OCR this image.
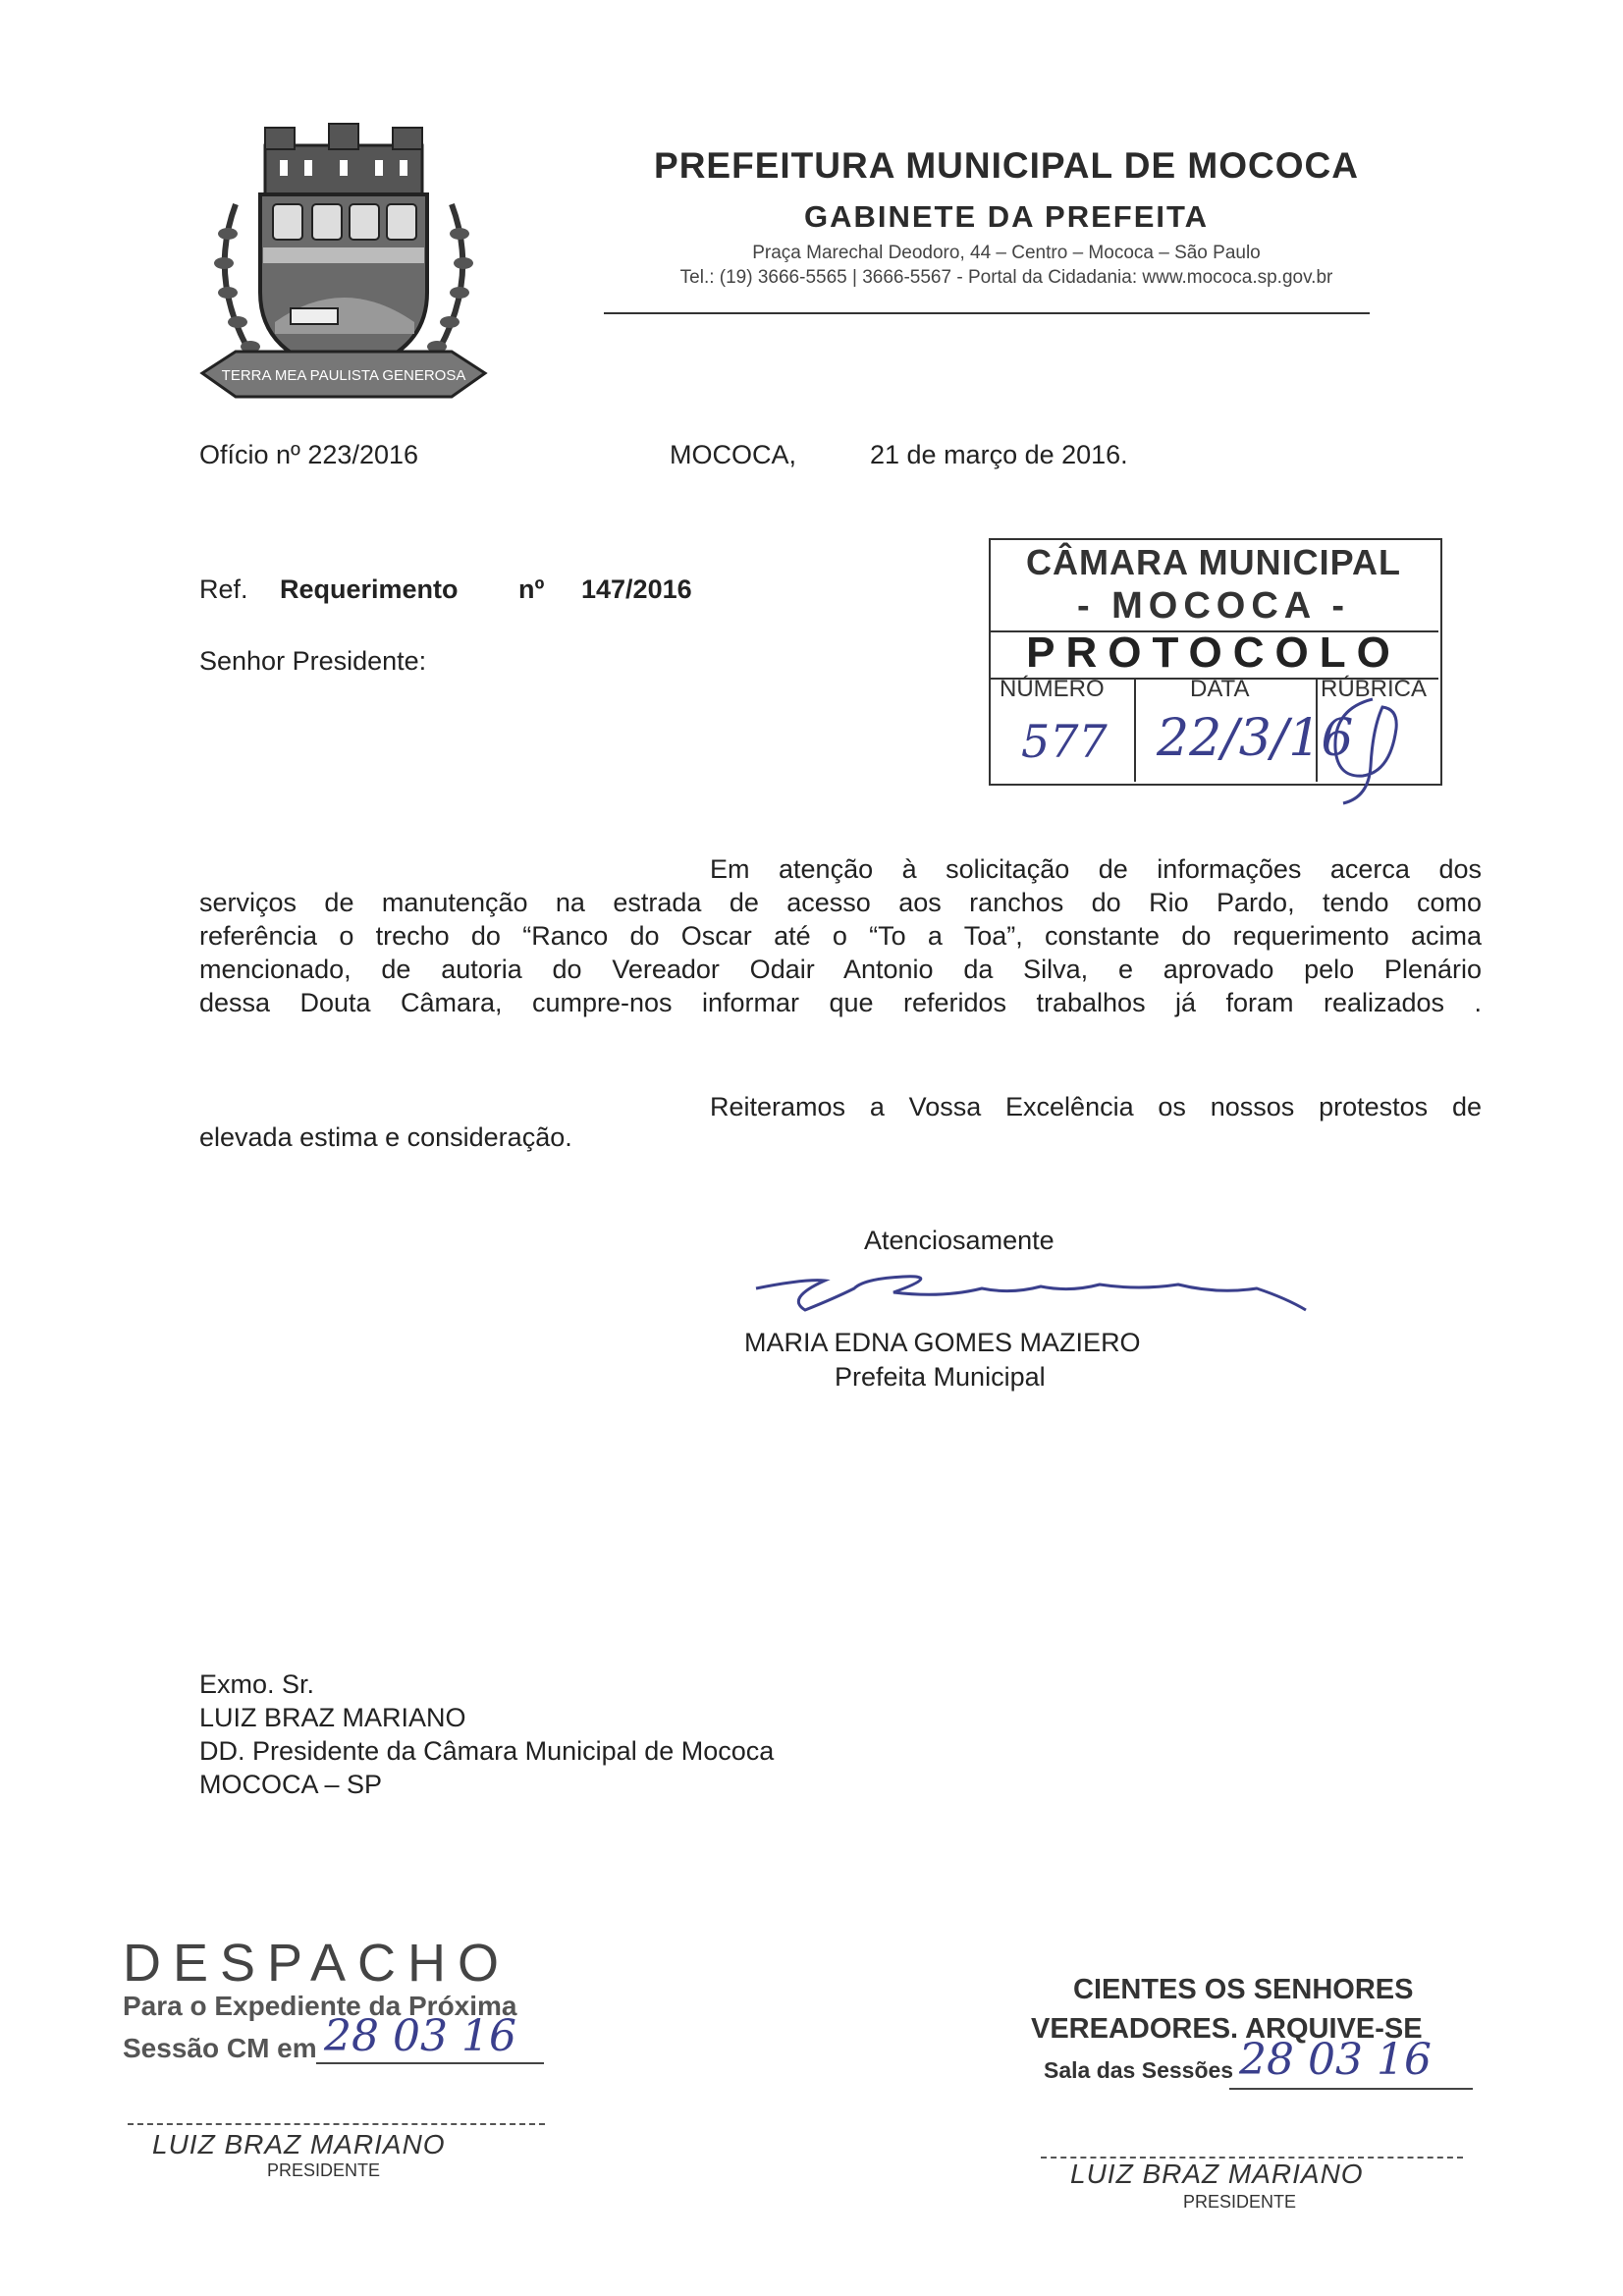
TERRA MEA PAULISTA GENEROSA
PREFEITURA MUNICIPAL DE MOCOCA
GABINETE DA PREFEITA
Praça Marechal Deodoro, 44 – Centro – Mococa – São Paulo
Tel.: (19) 3666-5565 | 3666-5567 - Portal da Cidadania: www.mococa.sp.gov.br
Ofício nº 223/2016	MOCOCA,	21 de março de 2016.
Ref. Requerimento nº 147/2016
Senhor Presidente:
CÂMARA MUNICIPAL
- MOCOCA -
PROTOCOLO
NÚMERO	DATA	RÚBRICA
577 22/3/16
Em atenção à solicitação de informações acerca dos
serviços de manutenção na estrada de acesso aos ranchos do Rio Pardo, tendo como
referência o trecho do “Ranco do Oscar até o “To a Toa”, constante do requerimento acima
mencionado, de autoria do Vereador Odair Antonio da Silva, e aprovado pelo Plenário
dessa Douta Câmara, cumpre-nos informar que referidos trabalhos já foram realizados .
Reiteramos a Vossa Excelência os nossos protestos de
elevada estima e consideração.
Atenciosamente
MARIA EDNA GOMES MAZIERO
Prefeita Municipal
Exmo. Sr.
LUIZ BRAZ MARIANO
DD. Presidente da Câmara Municipal de Mococa
MOCOCA – SP
DESPACHO
Para o Expediente da Próxima
Sessão CM em 28 03 16
LUIZ BRAZ MARIANO
PRESIDENTE
CIENTES OS SENHORES
VEREADORES. ARQUIVE-SE
Sala das Sessões 28 03 16
LUIZ BRAZ MARIANO
PRESIDENTE
